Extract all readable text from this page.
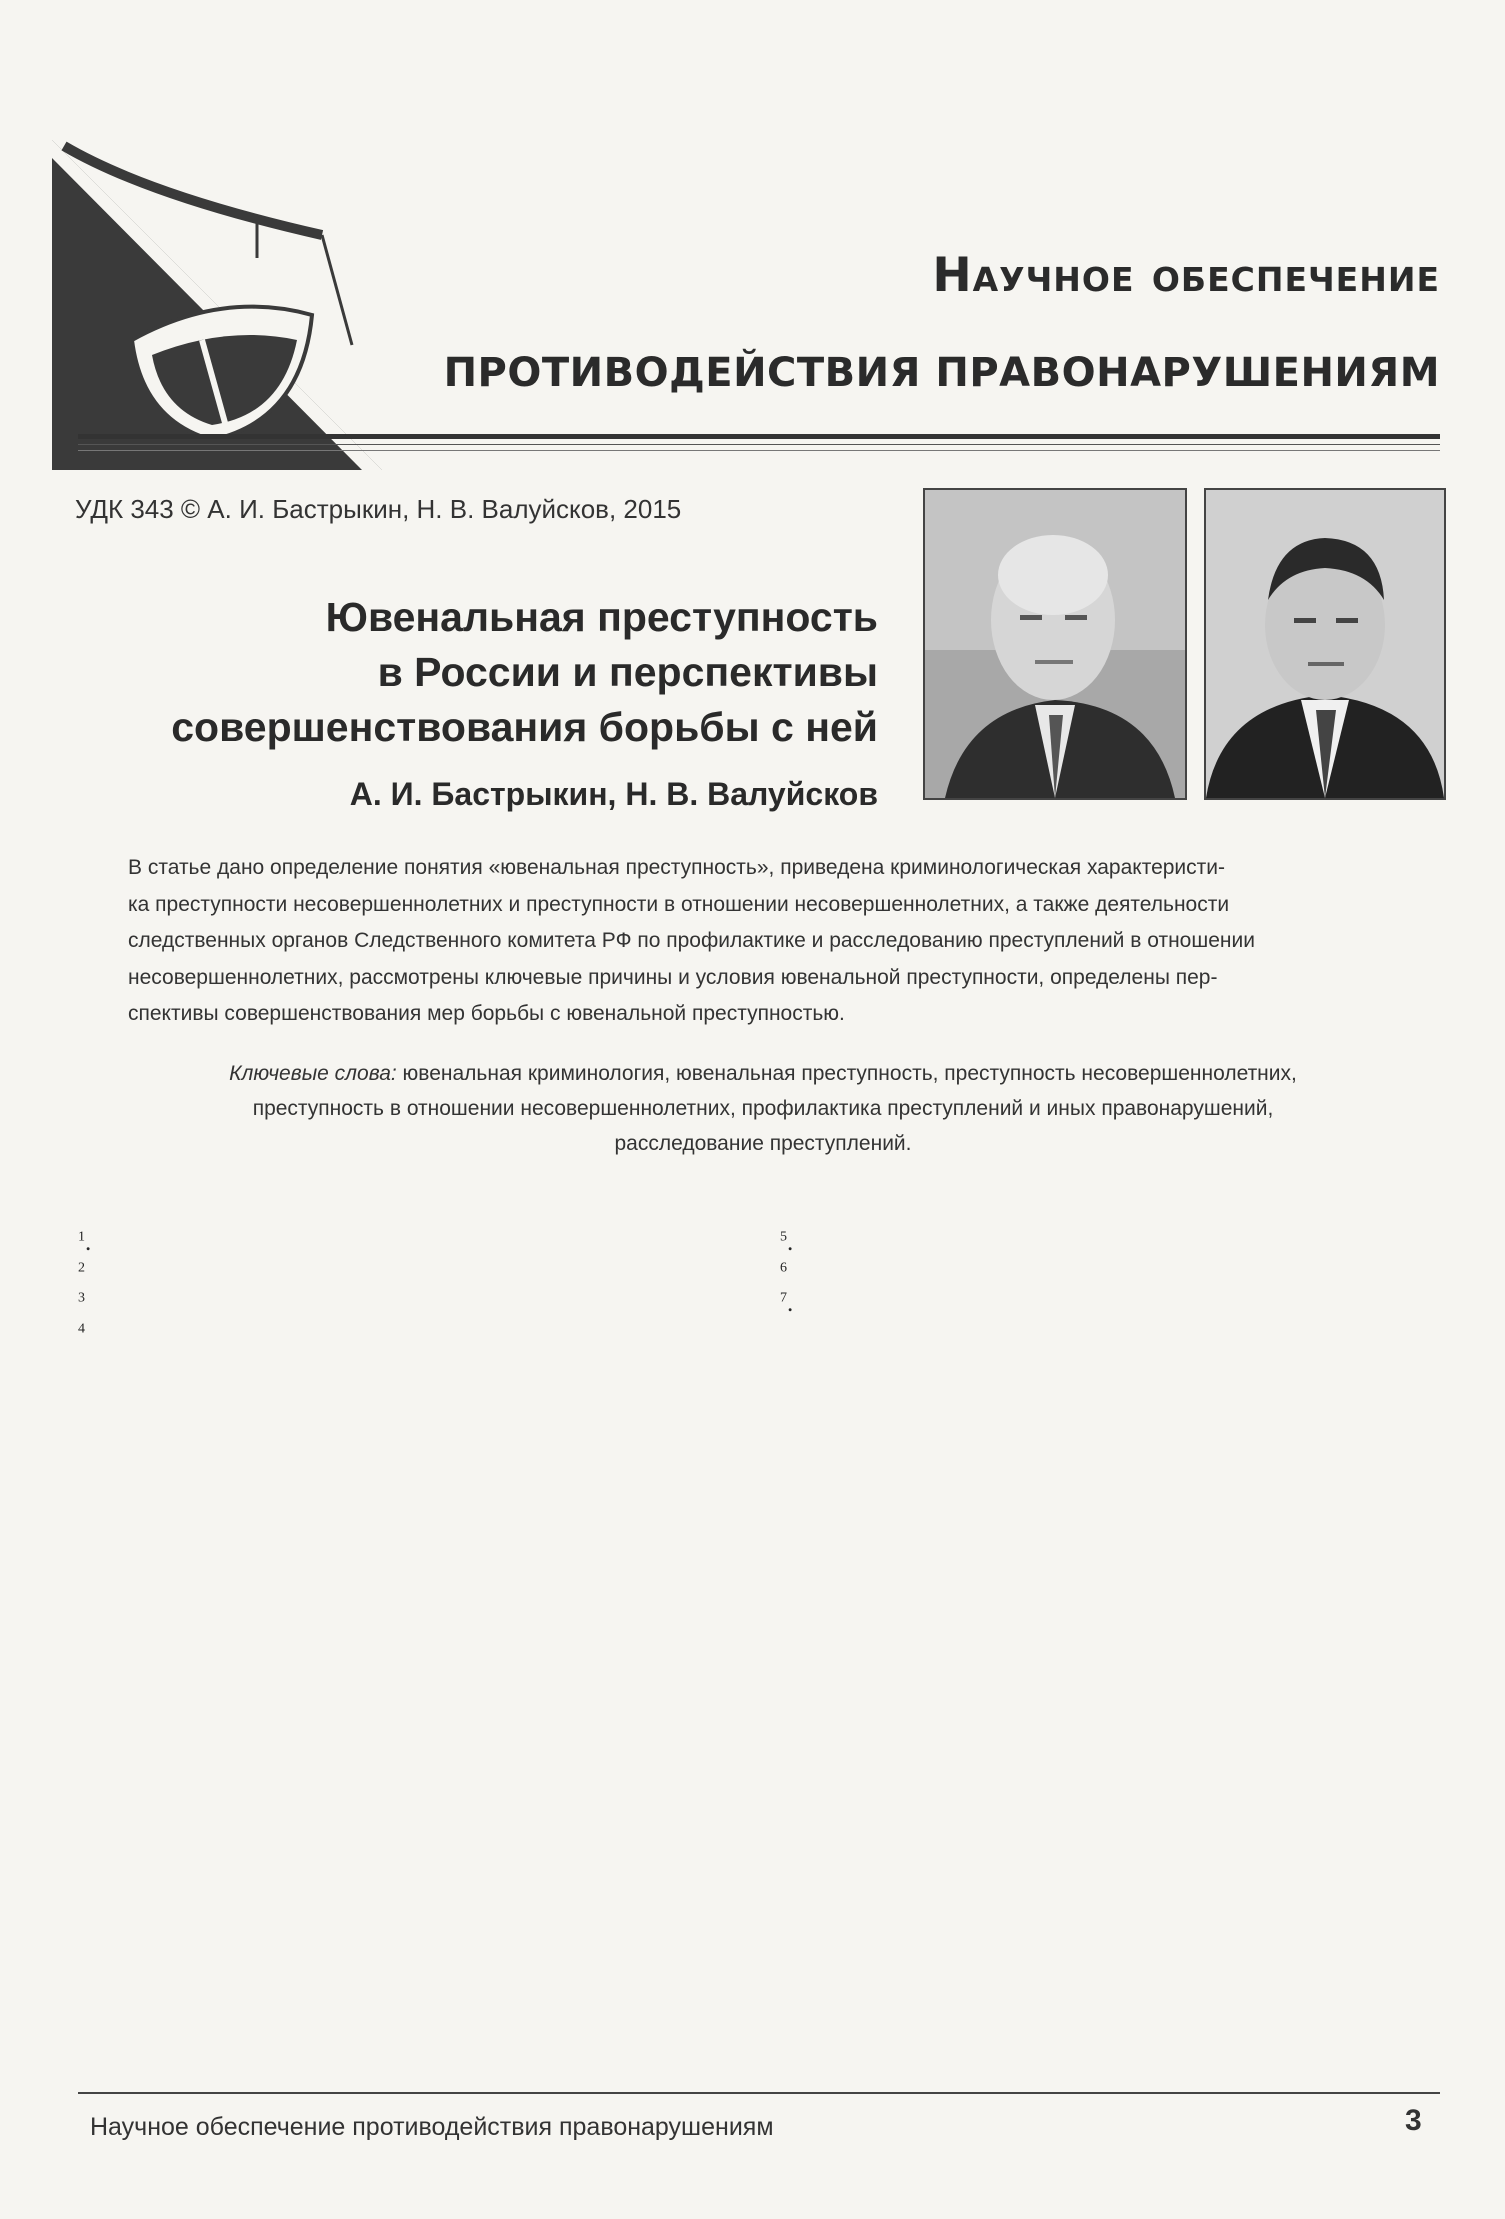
Научное обеспечение
ПРОТИВОДЕЙСТВИЯ ПРАВОНАРУШЕНИЯМ
УДК 343 © А. И. Бастрыкин, Н. В. Валуйсков, 2015
Ювенальная преступность
в России и перспективы
совершенствования борьбы с ней
А. И. Бастрыкин, Н. В. Валуйсков
В статье дано определение понятия «ювенальная преступность», приведена криминологическая характеристи-
ка преступности несовершеннолетних и преступности в отношении несовершеннолетних, а также деятельности
следственных органов Следственного комитета РФ по профилактике и расследованию преступлений в отношении
несовершеннолетних, рассмотрены ключевые причины и условия ювенальной преступности, определены пер-
спективы совершенствования мер борьбы с ювенальной преступностью.
Ключевые слова: ювенальная криминология, ювенальная преступность, преступность несовершеннолетних,
преступность в отношении несовершеннолетних, профилактика преступлений и иных правонарушений,
расследование преступлений.
$^1$.
$^2$
$^3$
$^4$
$^5$.
$^6$
$^7$.
Научное обеспечение противодействия правонарушениям	3
